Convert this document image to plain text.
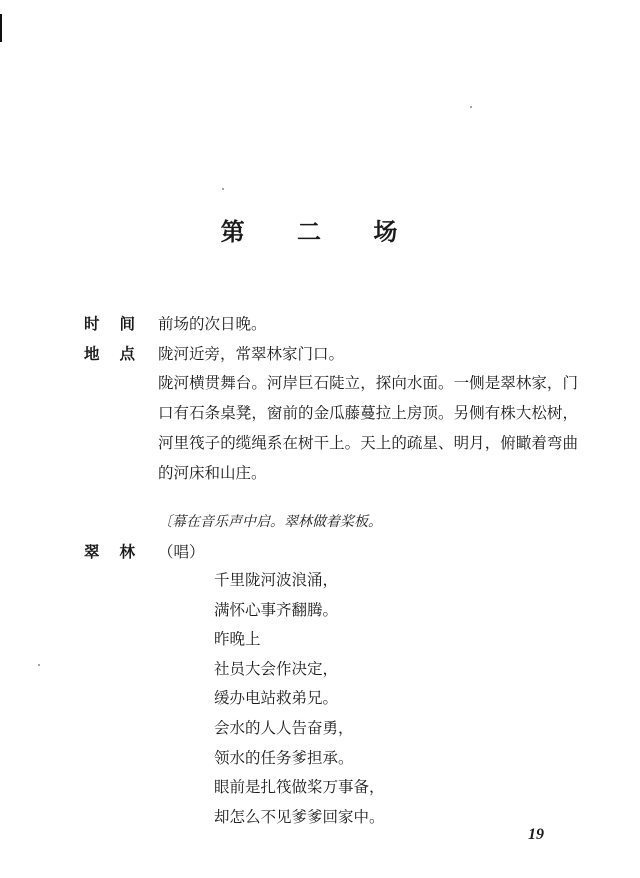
第 二 场
时间 前场的次日晚。
地点 陇河近旁，常翠林家门口。
陇河横贯舞台。河岸巨石陡立，探向水面。一侧是翠林家，门口有石条桌凳，窗前的金瓜藤蔓拉上房顶。另侧有株大松树，河里筏子的缆绳系在树干上。天上的疏星、明月，俯瞰着弯曲的河床和山庄。
〔幕在音乐声中启。翠林做着桨板。
翠林 （唱）
千里陇河波浪涌，
满怀心事齐翻腾。
昨晚上
社员大会作决定，
缓办电站救弟兄。
会水的人人告奋勇，
领水的任务爹担承。
眼前是扎筏做桨万事备，
却怎么不见爹爹回家中。
19
